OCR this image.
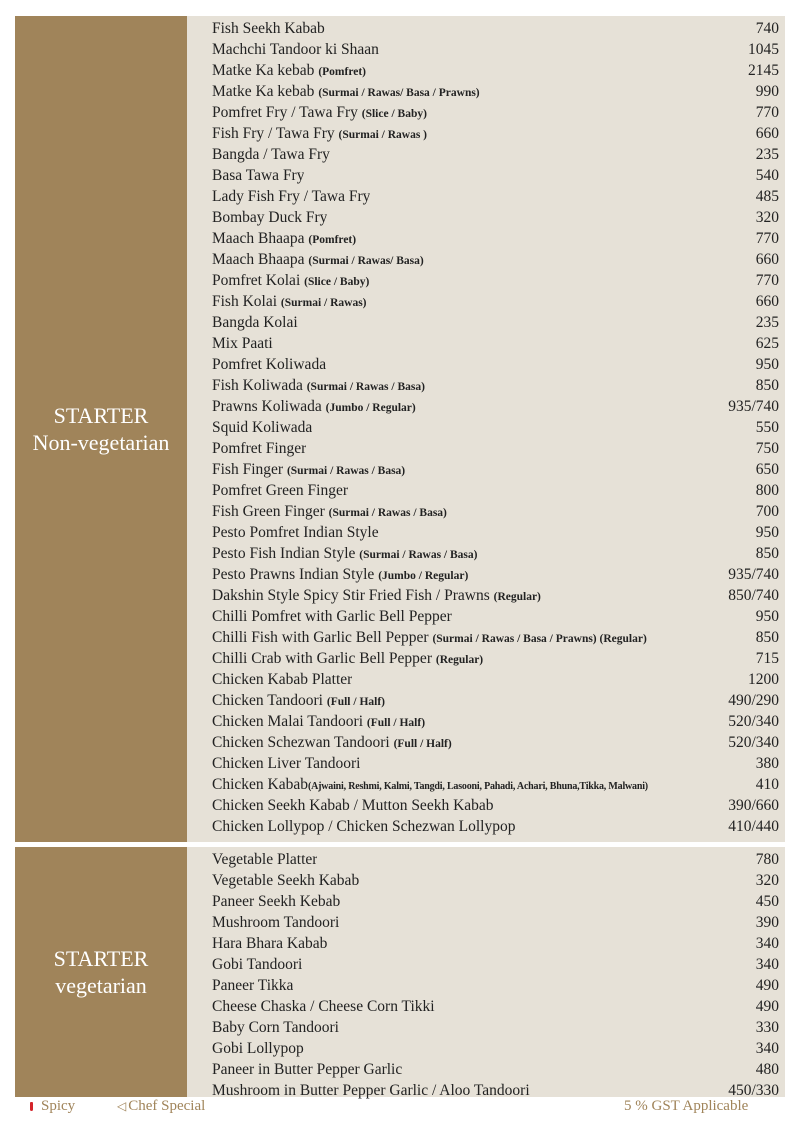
STARTER
Non-vegetarian
Fish Seekh Kabab	740
Machchi Tandoor ki Shaan	1045
Matke Ka kebab (Pomfret)	2145
Matke Ka kebab (Surmai / Rawas/ Basa / Prawns)	990
Pomfret Fry / Tawa Fry (Slice / Baby)	770
Fish Fry / Tawa Fry (Surmai / Rawas )	660
Bangda / Tawa Fry	235
Basa Tawa Fry	540
Lady Fish Fry / Tawa Fry	485
Bombay Duck Fry	320
Maach Bhaapa (Pomfret)	770
Maach Bhaapa (Surmai / Rawas/ Basa)	660
Pomfret Kolai (Slice / Baby)	770
Fish Kolai (Surmai / Rawas)	660
Bangda Kolai	235
Mix Paati	625
Pomfret Koliwada	950
Fish Koliwada (Surmai / Rawas / Basa)	850
Prawns Koliwada (Jumbo / Regular)	935/740
Squid Koliwada	550
Pomfret Finger	750
Fish Finger (Surmai / Rawas / Basa)	650
Pomfret Green Finger	800
Fish Green Finger (Surmai / Rawas / Basa)	700
Pesto Pomfret Indian Style	950
Pesto Fish Indian Style (Surmai / Rawas / Basa)	850
Pesto Prawns Indian Style (Jumbo / Regular)	935/740
Dakshin Style Spicy Stir Fried Fish / Prawns (Regular)	850/740
Chilli Pomfret with Garlic Bell Pepper	950
Chilli Fish with Garlic Bell Pepper (Surmai / Rawas / Basa / Prawns) (Regular)	850
Chilli Crab with Garlic Bell Pepper (Regular)	715
Chicken Kabab Platter	1200
Chicken Tandoori (Full / Half)	490/290
Chicken Malai Tandoori (Full / Half)	520/340
Chicken Schezwan Tandoori (Full / Half)	520/340
Chicken Liver Tandoori	380
Chicken Kabab(Ajwaini, Reshmi, Kalmi, Tangdi, Lasooni, Pahadi, Achari, Bhuna,Tikka, Malwani)	410
Chicken Seekh Kabab / Mutton Seekh Kabab	390/660
Chicken Lollypop / Chicken Schezwan Lollypop	410/440
STARTER
vegetarian
Vegetable Platter	780
Vegetable Seekh Kabab	320
Paneer Seekh Kebab	450
Mushroom Tandoori	390
Hara Bhara Kabab	340
Gobi Tandoori	340
Paneer Tikka	490
Cheese Chaska / Cheese Corn Tikki	490
Baby Corn Tandoori	330
Gobi Lollypop	340
Paneer in Butter Pepper Garlic	480
Mushroom in Butter Pepper Garlic / Aloo Tandoori	450/330
Spicy	◁ Chef Special	5 % GST Applicable
